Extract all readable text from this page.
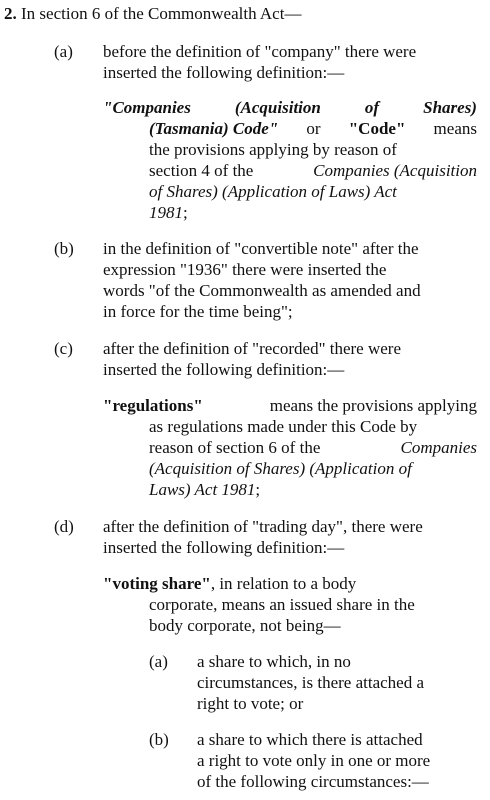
2. In section 6 of the Commonwealth Act—
(a) before the definition of "company" there were
inserted the following definition:—
"Companies	(Acquisition	of	Shares)
(Tasmania) Code" or "Code" means
the provisions applying by reason of
section 4 of the	Companies (Acquisition
of Shares) (Application of Laws) Act
1981;
(b) in the definition of "convertible note" after the
expression "1936" there were inserted the
words "of the Commonwealth as amended and
in force for the time being";
(c) after the definition of "recorded" there were
inserted the following definition:—
"regulations"	means the provisions applying
as regulations made under this Code by
reason of section 6 of the	Companies
(Acquisition of Shares) (Application of
Laws) Act 1981;
(d) after the definition of "trading day", there were
inserted the following definition:—
"voting share" , in relation to a body
corporate, means an issued share in the
body corporate, not being—
(a) a share to which, in no
circumstances, is there attached a
right to vote; or
(b) a share to which there is attached
a right to vote only in one or more
of the following circumstances:—
